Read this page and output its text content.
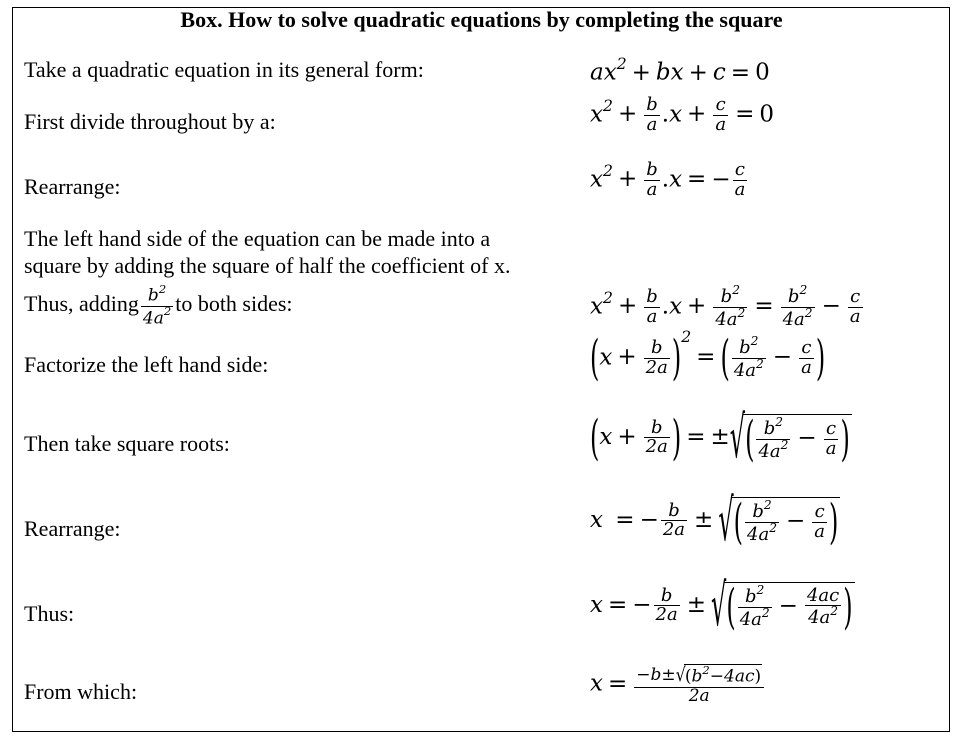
Box. How to solve quadratic equations by completing the square
Take a quadratic equation in its general form:	$ax^2$ + bx + c = 0
First divide throughout by a:	$x^2 + \frac{b}{a} .x + \frac{c}{a} = 0$
Rearrange:	$x^2 + \frac{b}{a} .x$ = − $\frac{c}{a}$
The left hand side of the equation can be made into a
square by adding the square of half the coefficient of x.
Thus, adding $\frac{b^2}{4a^2}$ to both sides:	$x^2 + \frac{b}{a} .x + \frac{b^2}{4a^2} = \frac{b^2}{4a^2} - \frac{c}{a}$
Factorize the left hand side:	$(x + \frac{b}{2a} )^2=$ ( $\frac{b^2}{4a^2} - \frac{c}{a}$ )
Then take square roots:	($x + \frac{b}{2a}$ ) = ±√( $\frac{b^2}{4a^2} - \frac{c}{a}$ )
Rearrange:	x = − $\frac{b}{2a}$ ± √( $\frac{b^2}{4a^2} - \frac{c}{a}$ )
Thus:	x = − $\frac{b}{2a}$ ± √( $\frac{b^2}{4a^2} - \frac{4ac}{4a^2}$ )
From which:	$x = \frac{-b\pm√(b^2-4ac)}{2a}$
